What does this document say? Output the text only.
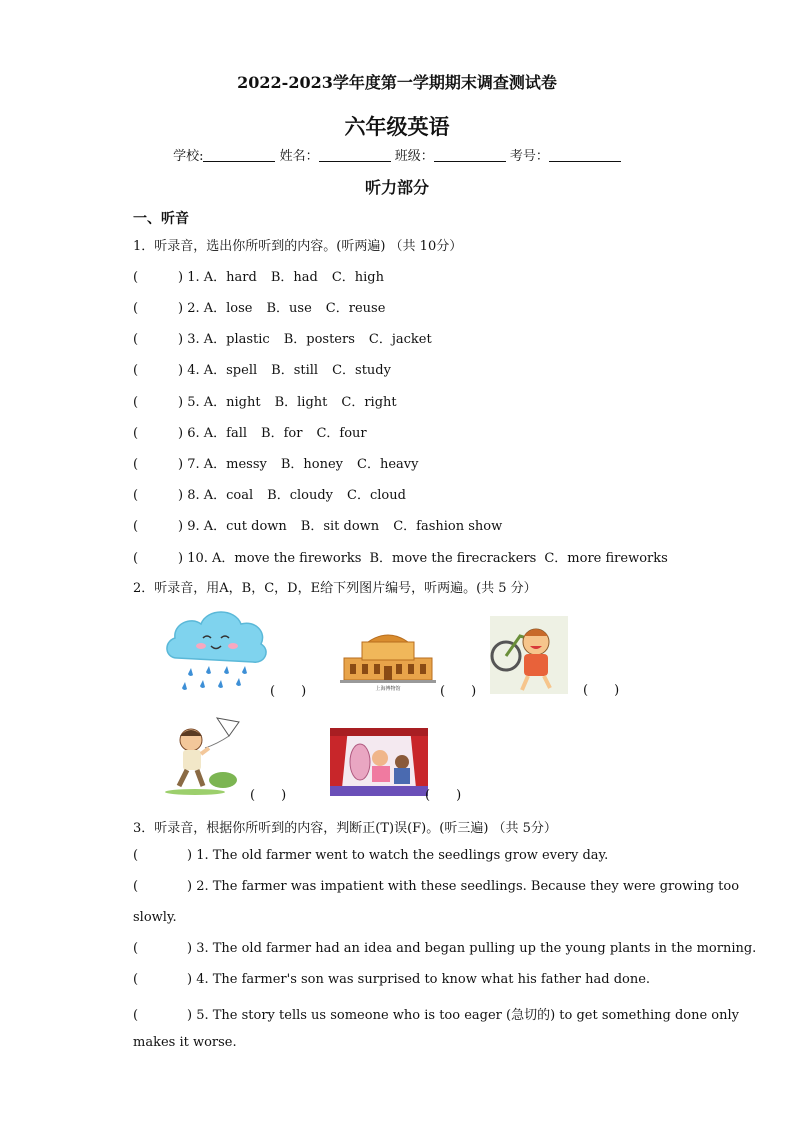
2022-2023学年度第一学期期末调查测试卷
六年级英语
学校:	姓名：	班级：	考号：
听力部分
一、听音
1．听录音，选出你所听到的内容。(听两遍) （共 10分）
(	) 1. A．hard B．had C．high
(	) 2. A．lose B．use C．reuse
(	) 3. A．plastic B．posters C．jacket
(	) 4. A．spell B．still C．study
(	) 5. A．night B．light C．right
(	) 6. A．fall B．for C．four
(	) 7. A．messy B．honey C．heavy
(	) 8. A．coal B．cloudy C．cloud
(	) 9. A．cut down B．sit down C．fashion show
(	) 10. A．move the fireworks B．move the firecrackers C．more fireworks
2．听录音，用A，B，C，D，E给下列图片编号，听两遍。(共 5 分）
(　　)	上海博物馆	(　　)	(　　)
(　　)	(　　)
3．听录音，根据你所听到的内容，判断正(T)误(F)。(听三遍) （共 5分）
(	) 1. The old farmer went to watch the seedlings grow every day.
(	) 2. The farmer was impatient with these seedlings. Because they were growing too
slowly.
(	) 3. The old farmer had an idea and began pulling up the young plants in the morning.
(	) 4. The farmer's son was surprised to know what his father had done.
(	) 5. The story tells us someone who is too eager (急切的) to get something done only
makes it worse.
